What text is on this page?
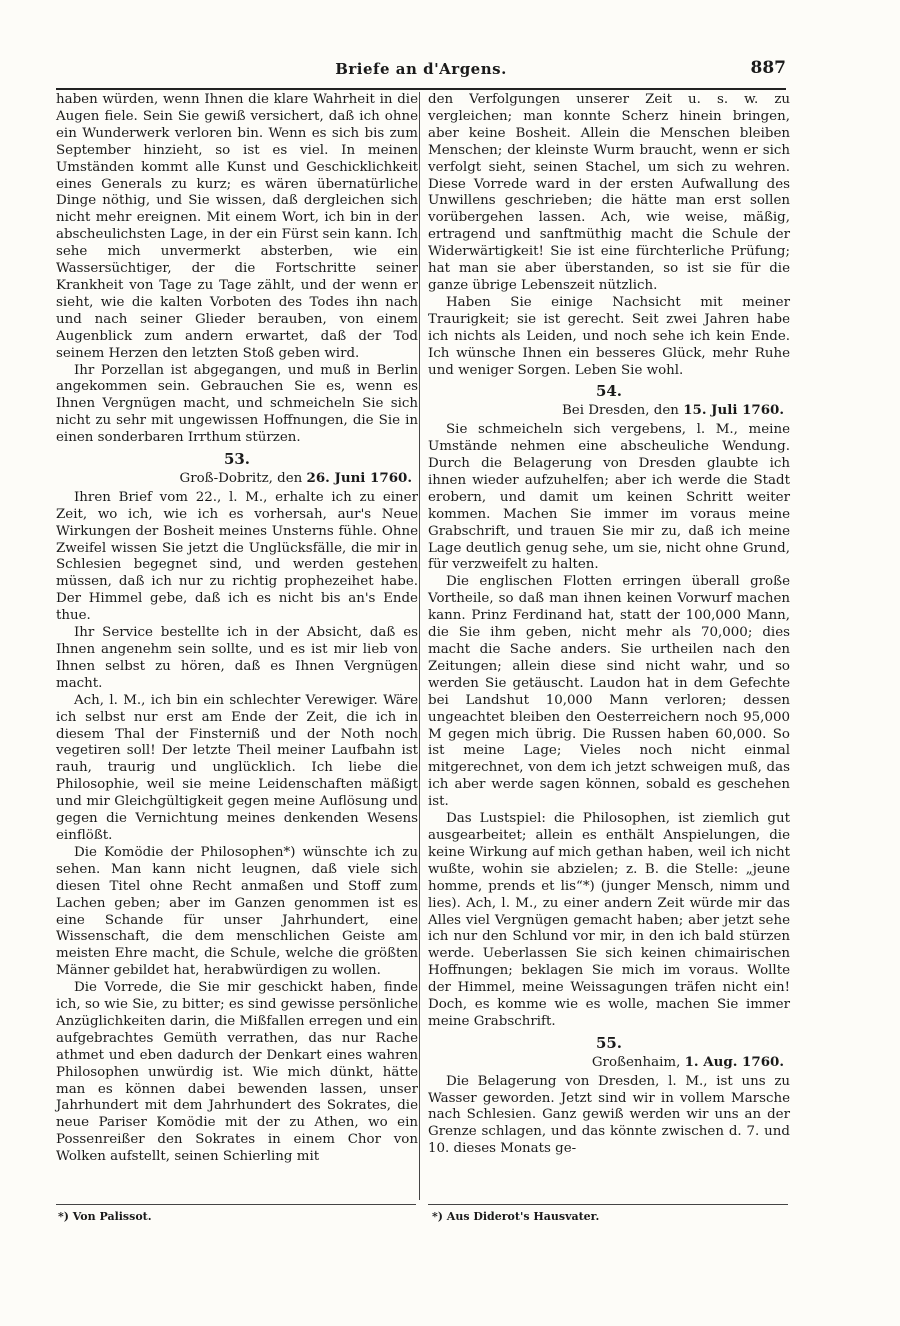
Briefe an d'Argens.	887

haben würden, wenn Ihnen die klare Wahrheit in die Augen fiele. Sein Sie gewiß versichert, daß ich ohne ein Wunderwerk verloren bin. Wenn es sich bis zum September hinzieht, so ist es viel. In meinen Umständen kommt alle Kunst und Geschicklichkeit eines Generals zu kurz; es wären übernatürliche Dinge nöthig, und Sie wissen, daß dergleichen sich nicht mehr ereignen. Mit einem Wort, ich bin in der abscheulichsten Lage, in der ein Fürst sein kann. Ich sehe mich unvermerkt absterben, wie ein Wassersüchtiger, der die Fortschritte seiner Krankheit von Tage zu Tage zählt, und der wenn er sieht, wie die kalten Vorboten des Todes ihn nach und nach seiner Glieder berauben, von einem Augenblick zum andern erwartet, daß der Tod seinem Herzen den letzten Stoß geben wird.

Ihr Porzellan ist abgegangen, und muß in Berlin angekommen sein. Gebrauchen Sie es, wenn es Ihnen Vergnügen macht, und schmeicheln Sie sich nicht zu sehr mit ungewissen Hoffnungen, die Sie in einen sonderbaren Irrthum stürzen.

53.
Groß-Dobritz, den 26. Juni 1760.

Ihren Brief vom 22., l. M., erhalte ich zu einer Zeit, wo ich, wie ich es vorhersah, aur's Neue Wirkungen der Bosheit meines Unsterns fühle. Ohne Zweifel wissen Sie jetzt die Unglücksfälle, die mir in Schlesien begegnet sind, und werden gestehen müssen, daß ich nur zu richtig prophezeihet habe. Der Himmel gebe, daß ich es nicht bis an's Ende thue.

Ihr Service bestellte ich in der Absicht, daß es Ihnen angenehm sein sollte, und es ist mir lieb von Ihnen selbst zu hören, daß es Ihnen Vergnügen macht.

Ach, l. M., ich bin ein schlechter Verewiger. Wäre ich selbst nur erst am Ende der Zeit, die ich in diesem Thal der Finsterniß und der Noth noch vegetiren soll! Der letzte Theil meiner Laufbahn ist rauh, traurig und unglücklich. Ich liebe die Philosophie, weil sie meine Leidenschaften mäßigt und mir Gleichgültigkeit gegen meine Auflösung und gegen die Vernichtung meines denkenden Wesens einflößt.

Die Komödie der Philosophen*) wünschte ich zu sehen. Man kann nicht leugnen, daß viele sich diesen Titel ohne Recht anmaßen und Stoff zum Lachen geben; aber im Ganzen genommen ist es eine Schande für unser Jahrhundert, eine Wissenschaft, die dem menschlichen Geiste am meisten Ehre macht, die Schule, welche die größten Männer gebildet hat, herabwürdigen zu wollen.

Die Vorrede, die Sie mir geschickt haben, finde ich, so wie Sie, zu bitter; es sind gewisse persönliche Anzüglichkeiten darin, die Mißfallen erregen und ein aufgebrachtes Gemüth verrathen, das nur Rache athmet und eben dadurch der Denkart eines wahren Philosophen unwürdig ist. Wie mich dünkt, hätte man es können dabei bewenden lassen, unser Jahrhundert mit dem Jahrhundert des Sokrates, die neue Pariser Komödie mit der zu Athen, wo ein Possenreißer den Sokrates in einem Chor von Wolken aufstellt, seinen Schierling mit

den Verfolgungen unserer Zeit u. s. w. zu vergleichen; man konnte Scherz hinein bringen, aber keine Bosheit. Allein die Menschen bleiben Menschen; der kleinste Wurm braucht, wenn er sich verfolgt sieht, seinen Stachel, um sich zu wehren. Diese Vorrede ward in der ersten Aufwallung des Unwillens geschrieben; die hätte man erst sollen vorübergehen lassen. Ach, wie weise, mäßig, ertragend und sanftmüthig macht die Schule der Widerwärtigkeit! Sie ist eine fürchterliche Prüfung; hat man sie aber überstanden, so ist sie für die ganze übrige Lebenszeit nützlich.

Haben Sie einige Nachsicht mit meiner Traurigkeit; sie ist gerecht. Seit zwei Jahren habe ich nichts als Leiden, und noch sehe ich kein Ende. Ich wünsche Ihnen ein besseres Glück, mehr Ruhe und weniger Sorgen. Leben Sie wohl.

54.
Bei Dresden, den 15. Juli 1760.

Sie schmeicheln sich vergebens, l. M., meine Umstände nehmen eine abscheuliche Wendung. Durch die Belagerung von Dresden glaubte ich ihnen wieder aufzuhelfen; aber ich werde die Stadt erobern, und damit um keinen Schritt weiter kommen. Machen Sie immer im voraus meine Grabschrift, und trauen Sie mir zu, daß ich meine Lage deutlich genug sehe, um sie, nicht ohne Grund, für verzweifelt zu halten.

Die englischen Flotten erringen überall große Vortheile, so daß man ihnen keinen Vorwurf machen kann. Prinz Ferdinand hat, statt der 100,000 Mann, die Sie ihm geben, nicht mehr als 70,000; dies macht die Sache anders. Sie urtheilen nach den Zeitungen; allein diese sind nicht wahr, und so werden Sie getäuscht. Laudon hat in dem Gefechte bei Landshut 10,000 Mann verloren; dessen ungeachtet bleiben den Oesterreichern noch 95,000 M gegen mich übrig. Die Russen haben 60,000. So ist meine Lage; Vieles noch nicht einmal mitgerechnet, von dem ich jetzt schweigen muß, das ich aber werde sagen können, sobald es geschehen ist.

Das Lustspiel: die Philosophen, ist ziemlich gut ausgearbeitet; allein es enthält Anspielungen, die keine Wirkung auf mich gethan haben, weil ich nicht wußte, wohin sie abzielen; z. B. die Stelle: „jeune homme, prends et lis“*) (junger Mensch, nimm und lies). Ach, l. M., zu einer andern Zeit würde mir das Alles viel Vergnügen gemacht haben; aber jetzt sehe ich nur den Schlund vor mir, in den ich bald stürzen werde. Ueberlassen Sie sich keinen chimairischen Hoffnungen; beklagen Sie mich im voraus. Wollte der Himmel, meine Weissagungen träfen nicht ein! Doch, es komme wie es wolle, machen Sie immer meine Grabschrift.

55.
Großenhaim, 1. Aug. 1760.

Die Belagerung von Dresden, l. M., ist uns zu Wasser geworden. Jetzt sind wir in vollem Marsche nach Schlesien. Ganz gewiß werden wir uns an der Grenze schlagen, und das könnte zwischen d. 7. und 10. dieses Monats ge-

*) Von Palissot.	*) Aus Diderot's Hausvater.
